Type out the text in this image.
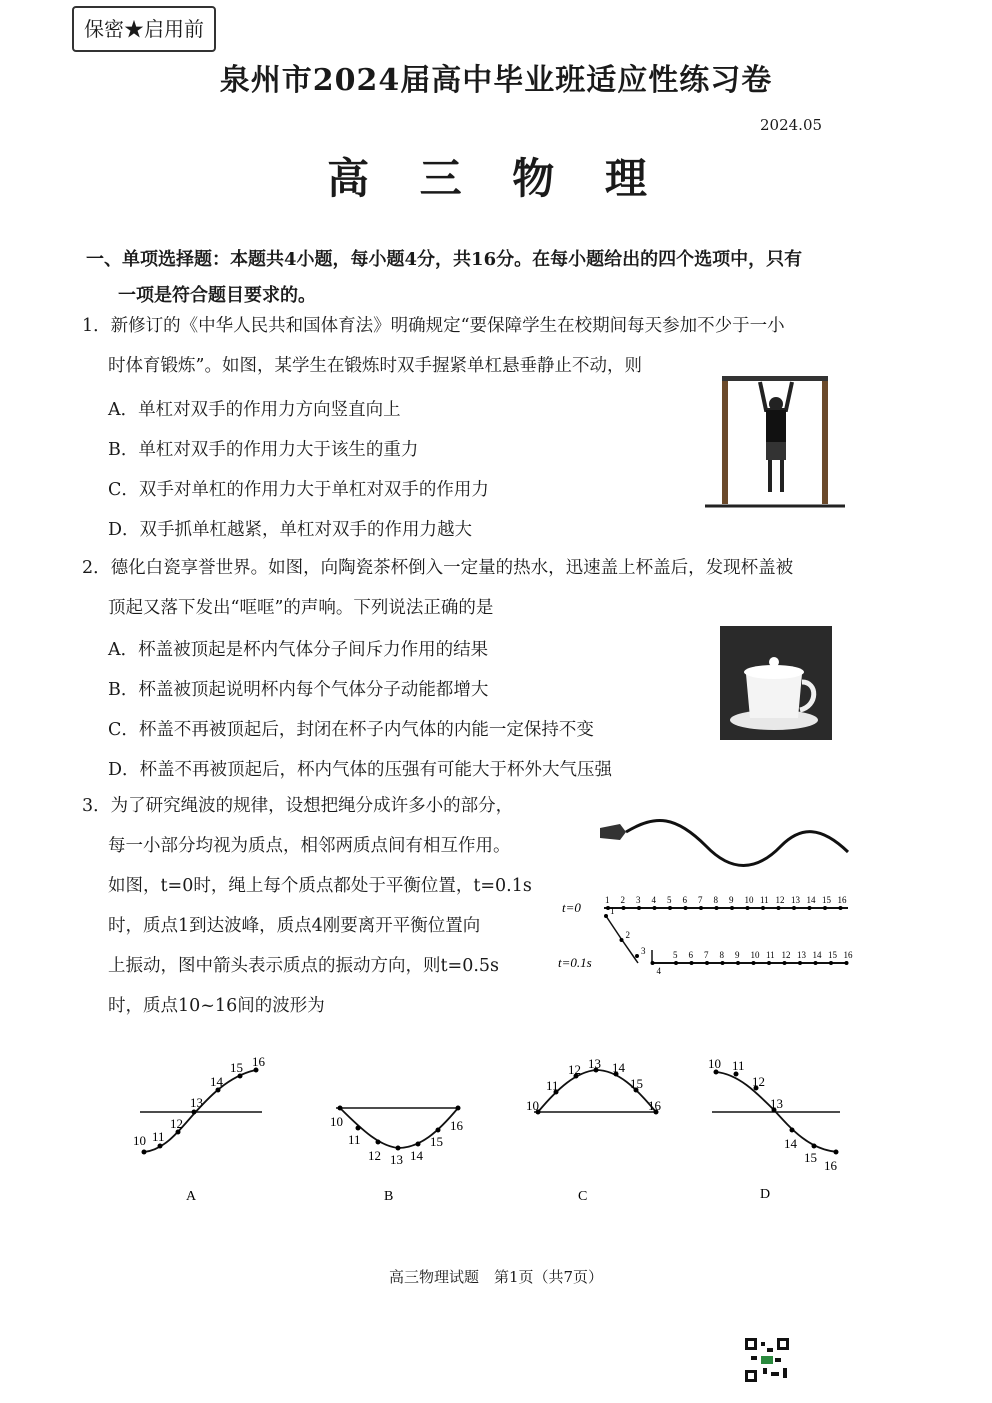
保密★启用前
泉州市2024届高中毕业班适应性练习卷
2024.05
高 三 物 理
一、单项选择题：本题共4小题，每小题4分，共16分。在每小题给出的四个选项中，只有
一项是符合题目要求的。
1．新修订的《中华人民共和国体育法》明确规定“要保障学生在校期间每天参加不少于一小
时体育锻炼”。如图，某学生在锻炼时双手握紧单杠悬垂静止不动，则
A．单杠对双手的作用力方向竖直向上
B．单杠对双手的作用力大于该生的重力
C．双手对单杠的作用力大于单杠对双手的作用力
D．双手抓单杠越紧，单杠对双手的作用力越大
2．德化白瓷享誉世界。如图，向陶瓷茶杯倒入一定量的热水，迅速盖上杯盖后，发现杯盖被
顶起又落下发出“哐哐”的声响。下列说法正确的是
A．杯盖被顶起是杯内气体分子间斥力作用的结果
B．杯盖被顶起说明杯内每个气体分子动能都增大
C．杯盖不再被顶起后，封闭在杯子内气体的内能一定保持不变
D．杯盖不再被顶起后，杯内气体的压强有可能大于杯外大气压强
3．为了研究绳波的规律，设想把绳分成许多小的部分，
每一小部分均视为质点，相邻两质点间有相互作用。
如图，t=0时，绳上每个质点都处于平衡位置，t=0.1s
时，质点1到达波峰，质点4刚要离开平衡位置向
上振动，图中箭头表示质点的振动方向，则t=0.5s
时，质点10~16间的波形为
t=0	1 2 3 4 5 6 7 8 9 10 11 12 13 14 15 16
t=0.1s
1
2
3
4
5 6 7 8 9 10 11 12 13 14 15 16
10 11
12
13
14
15 16
A
10
11
12 13 14
15
16
B
10
11
12 13 14
15
16
C
10 11
12
13
14
15
16
D
高三物理试题　第1页（共7页）
